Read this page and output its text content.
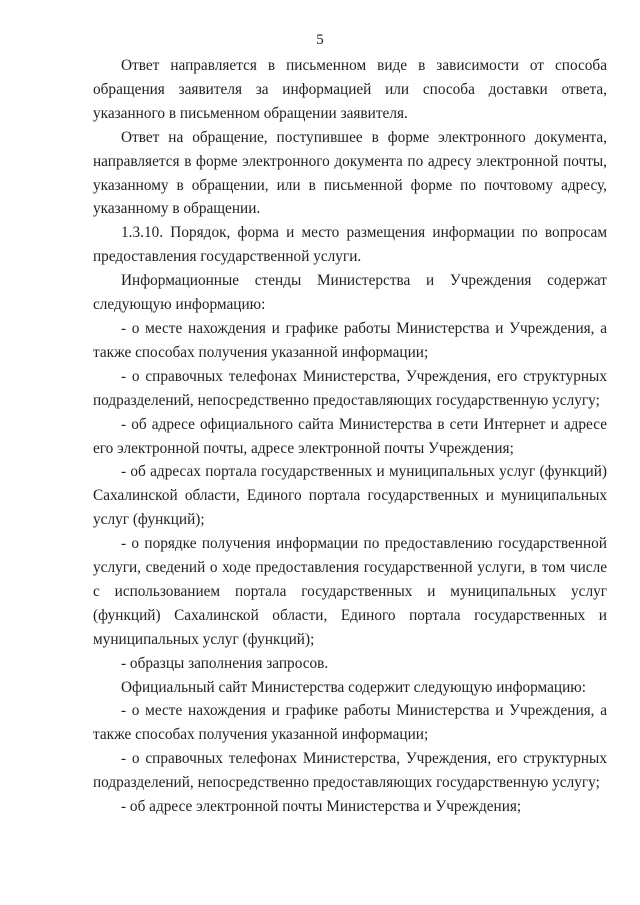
5

Ответ направляется в письменном виде в зависимости от способа обращения заявителя за информацией или способа доставки ответа, указанного в письменном обращении заявителя.

Ответ на обращение, поступившее в форме электронного документа, направляется в форме электронного документа по адресу электронной почты, указанному в обращении, или в письменной форме по почтовому адресу, указанному в обращении.

1.3.10. Порядок, форма и место размещения информации по вопросам предоставления государственной услуги.

Информационные стенды Министерства и Учреждения содержат следующую информацию:

- о месте нахождения и графике работы Министерства и Учреждения, а также способах получения указанной информации;

- о справочных телефонах Министерства, Учреждения, его структурных подразделений, непосредственно предоставляющих государственную услугу;

- об адресе официального сайта Министерства в сети Интернет и адресе его электронной почты, адресе электронной почты Учреждения;

- об адресах портала государственных и муниципальных услуг (функций) Сахалинской области, Единого портала государственных и муниципальных услуг (функций);

- о порядке получения информации по предоставлению государственной услуги, сведений о ходе предоставления государственной услуги, в том числе с использованием портала государственных и муниципальных услуг (функций) Сахалинской области, Единого портала государственных и муниципальных услуг (функций);

- образцы заполнения запросов.

Официальный сайт Министерства содержит следующую информацию:

- о месте нахождения и графике работы Министерства и Учреждения, а также способах получения указанной информации;

- о справочных телефонах Министерства, Учреждения, его структурных подразделений, непосредственно предоставляющих государственную услугу;

- об адресе электронной почты Министерства и Учреждения;
